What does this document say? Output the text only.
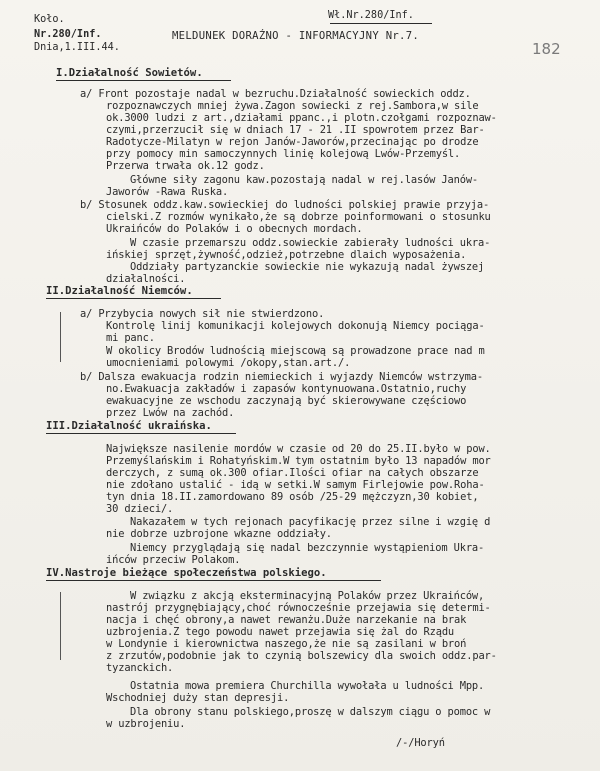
Koło.
Nr.280/Inf.
Dnia,1.III.44.
Wł.Nr.280/Inf.
MELDUNEK DORAŹNO - INFORMACYJNY Nr.7.
182
I.Działalność Sowietów.
a/ Front pozostaje nadal w bezruchu.Działalność sowieckich oddz.
rozpoznawczych mniej żywa.Zagon sowiecki z rej.Sambora,w sile
ok.3000 ludzi z art.,działami ppanc.,i plotn.czołgami rozpoznaw-
czymi,przerzucił się w dniach 17 - 21 .II spowrotem przez Bar-
Radotycze-Milatyn w rejon Janów-Jaworów,przecinając po drodze
przy pomocy min samoczynnych linię kolejową Lwów-Przemyśl.
Przerwa trwała ok.12 godz.
Główne siły zagonu kaw.pozostają nadal w rej.lasów Janów-
Jaworów -Rawa Ruska.
b/ Stosunek oddz.kaw.sowieckiej do ludności polskiej prawie przyja-
cielski.Z rozmów wynikało,że są dobrze poinformowani o stosunku
Ukraińców do Polaków i o obecnych mordach.
W czasie przemarszu oddz.sowieckie zabierały ludności ukra-
ińskiej sprzęt,żywność,odzież,potrzebne dlaich wyposażenia.
Oddziały partyzanckie sowieckie nie wykazują nadal żywszej
działalności.
II.Działalność Niemców.
a/ Przybycia nowych sił nie stwierdzono.
Kontrolę linij komunikacji kolejowych dokonują Niemcy pociąga-
mi panc.
W okolicy Brodów ludnością miejscową są prowadzone prace nad m
umocnieniami polowymi /okopy,stan.art./.
b/ Dalsza ewakuacja rodzin niemieckich i wyjazdy Niemców wstrzyma-
no.Ewakuacja zakładów i zapasów kontynuowana.Ostatnio,ruchy
ewakuacyjne ze wschodu zaczynają być skierowywane częściowo
przez Lwów na zachód.
III.Działalność ukraińska.
Największe nasilenie mordów w czasie od 20 do 25.II.było w pow.
Przemyślańskim i Rohatyńskim.W tym ostatnim było 13 napadów mor
derczych, z sumą ok.300 ofiar.Ilości ofiar na całych obszarze
nie zdołano ustalić - idą w setki.W samym Firlejowie pow.Roha-
tyn dnia 18.II.zamordowano 89 osób /25-29 mężczyzn,30 kobiet,
30 dzieci/.
Nakazałem w tych rejonach pacyfikację przez silne i wzgię d
nie dobrze uzbrojone wkazne oddziały.
Niemcy przyglądają się nadal bezczynnie wystąpieniom Ukra-
ińców przeciw Polakom.
IV.Nastroje bieżące społeczeństwa polskiego.
W związku z akcją eksterminacyjną Polaków przez Ukraińców,
nastrój przygnębiający,choć równocześnie przejawia się determi-
nacja i chęć obrony,a nawet rewanżu.Duże narzekanie na brak
uzbrojenia.Z tego powodu nawet przejawia się żal do Rządu
w Londynie i kierownictwa naszego,że nie są zasilani w broń
z zrzutów,podobnie jak to czynią bolszewicy dla swoich oddz.par-
tyzanckich.
Ostatnia mowa premiera Churchilla wywołała u ludności Mpp.
Wschodniej duży stan depresji.
Dla obrony stanu polskiego,proszę w dalszym ciągu o pomoc w
w uzbrojeniu.
/-/Horyń
